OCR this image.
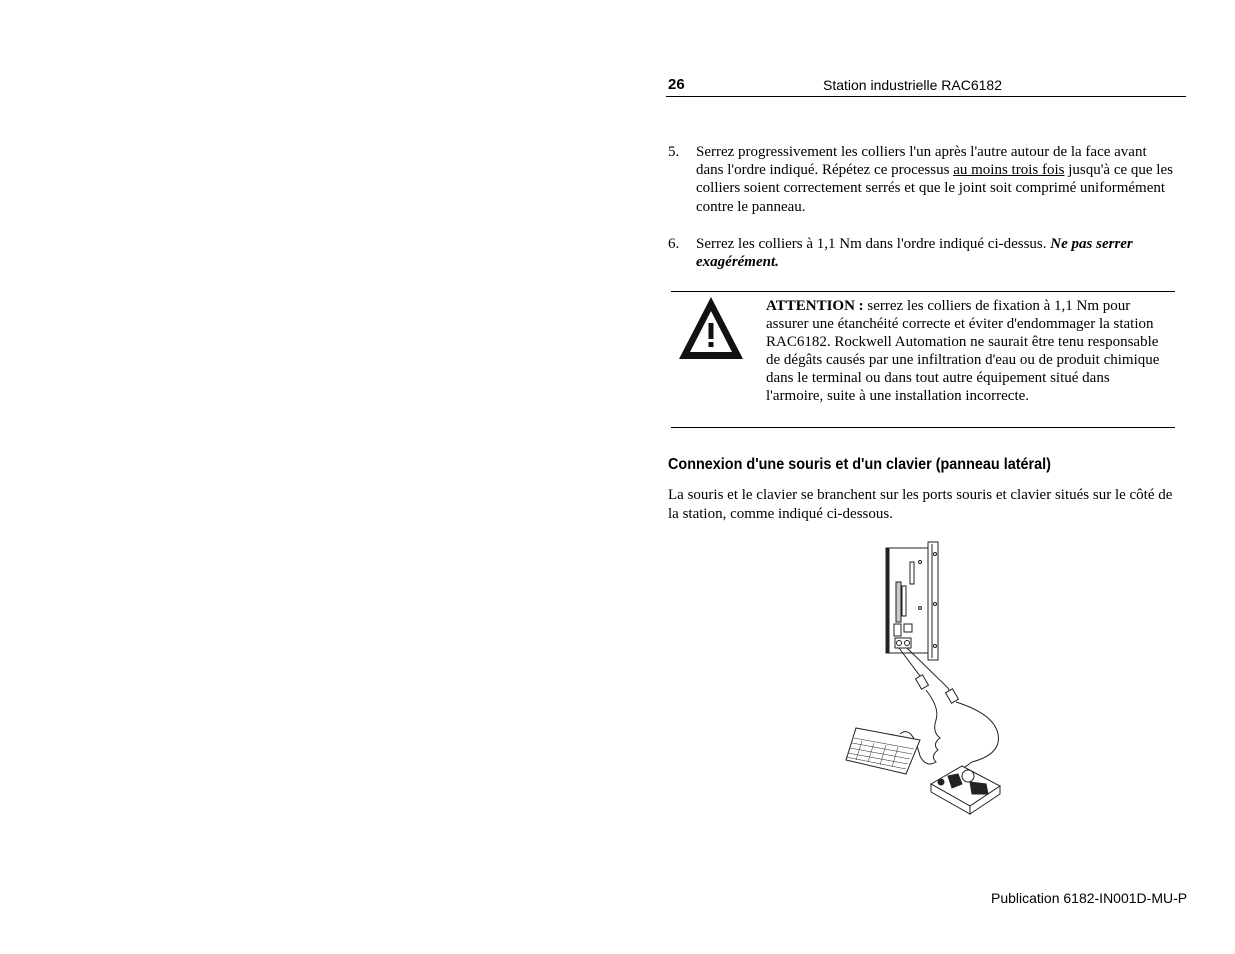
26	Station industrielle RAC6182
5. Serrez progressivement les colliers l'un après l'autre autour de la face avant dans l'ordre indiqué. Répétez ce processus au moins trois fois jusqu'à ce que les colliers soient correctement serrés et que le joint soit comprimé uniformément contre le panneau.
6. Serrez les colliers à 1,1 Nm dans l'ordre indiqué ci-dessus. Ne pas serrer exagérément.
ATTENTION : serrez les colliers de fixation à 1,1 Nm pour assurer une étanchéité correcte et éviter d'endommager la station RAC6182. Rockwell Automation ne saurait être tenu responsable de dégâts causés par une infiltration d'eau ou de produit chimique dans le terminal ou dans tout autre équipement situé dans l'armoire, suite à une installation incorrecte.
Connexion d'une souris et d'un clavier (panneau latéral)
La souris et le clavier se branchent sur les ports souris et clavier situés sur le côté de la station, comme indiqué ci-dessous.
Publication 6182-IN001D-MU-P
